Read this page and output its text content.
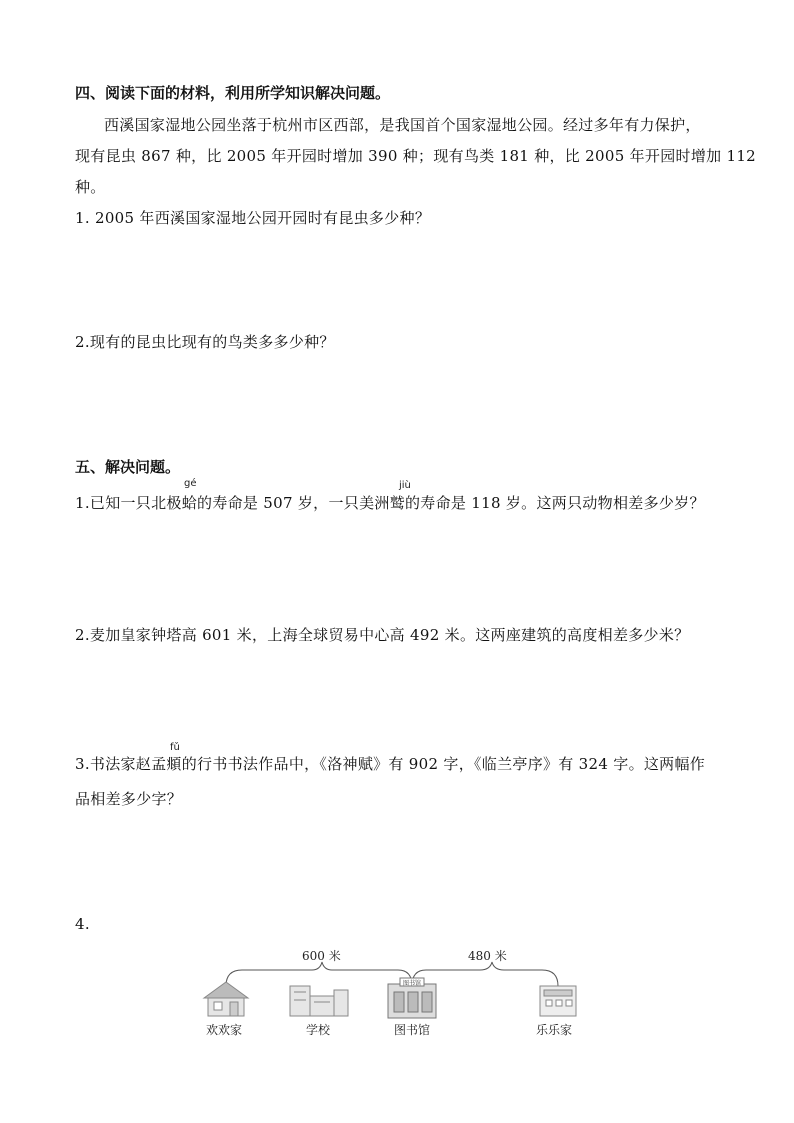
四、阅读下面的材料，利用所学知识解决问题。
西溪国家湿地公园坐落于杭州市区西部，是我国首个国家湿地公园。经过多年有力保护，
现有昆虫 867 种，比 2005 年开园时增加 390 种；现有鸟类 181 种，比 2005 年开园时增加 112
种。
1. 2005 年西溪国家湿地公园开园时有昆虫多少种？
2.现有的昆虫比现有的鸟类多多少种？
五、解决问题。
1.已知一只北极蛤的寿命是 507 岁，一只美洲鹫的寿命是 118 岁。这两只动物相差多少岁？
gé	jiù
2.麦加皇家钟塔高 601 米，上海全球贸易中心高 492 米。这两座建筑的高度相差多少米？
3.书法家赵孟頫的行书书法作品中，《洛神赋》有 902 字，《临兰亭序》有 324 字。这两幅作
fǔ
品相差多少字？
4.
600 米	480 米
图书馆
欢欢家	学校	图书馆	乐乐家
